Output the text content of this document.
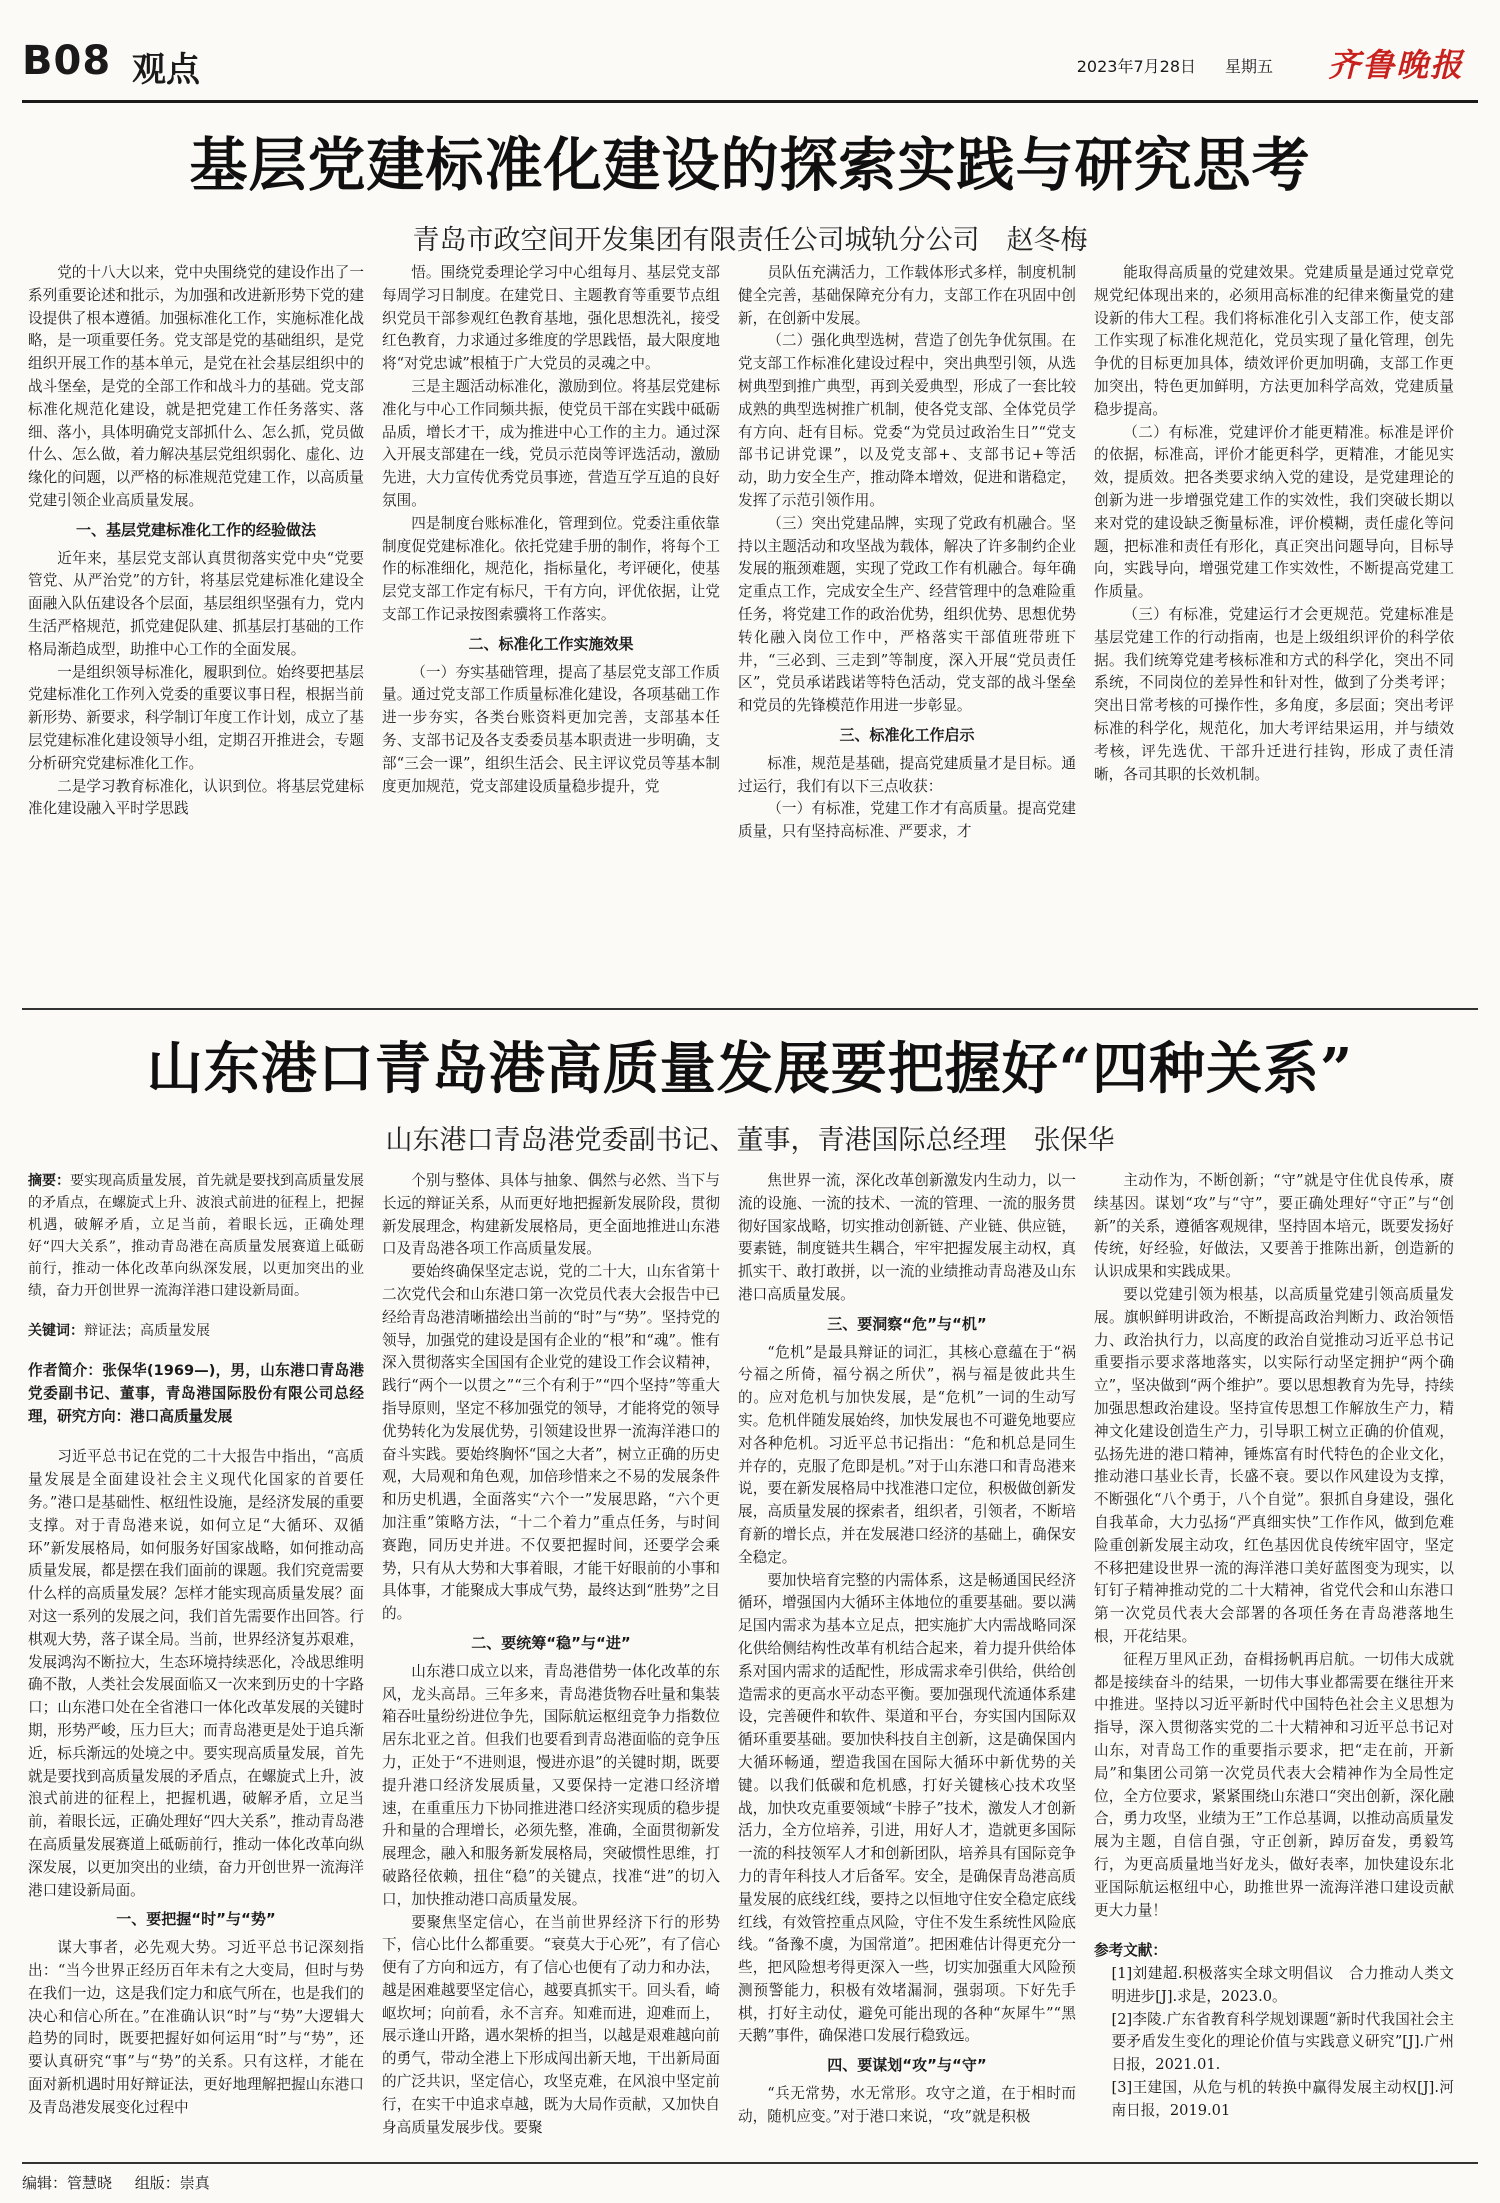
B08 观点	2023年7月28日 星期五 齐鲁晚报
基层党建标准化建设的探索实践与研究思考
青岛市政空间开发集团有限责任公司城轨分公司　赵冬梅

党的十八大以来，党中央围绕党的建设作出了一系列重要论述和批示，为加强和改进新形势下党的建设提供了根本遵循。加强标准化工作，实施标准化战略，是一项重要任务。党支部是党的基础组织，是党组织开展工作的基本单元，是党在社会基层组织中的战斗堡垒，是党的全部工作和战斗力的基础。党支部标准化规范化建设，就是把党建工作任务落实、落细、落小，具体明确党支部抓什么、怎么抓，党员做什么、怎么做，着力解决基层党组织弱化、虚化、边缘化的问题，以严格的标准规范党建工作，以高质量党建引领企业高质量发展。

一、基层党建标准化工作的经验做法

近年来，基层党支部认真贯彻落实党中央“党要管党、从严治党”的方针，将基层党建标准化建设全面融入队伍建设各个层面，基层组织坚强有力，党内生活严格规范，抓党建促队建、抓基层打基础的工作格局渐趋成型，助推中心工作的全面发展。

一是组织领导标准化，履职到位。始终要把基层党建标准化工作列入党委的重要议事日程，根据当前新形势、新要求，科学制订年度工作计划，成立了基层党建标准化建设领导小组，定期召开推进会，专题分析研究党建标准化工作。

二是学习教育标准化，认识到位。将基层党建标准化建设融入平时学思践

悟。围绕党委理论学习中心组每月、基层党支部每周学习日制度。在建党日、主题教育等重要节点组织党员干部参观红色教育基地，强化思想洗礼，接受红色教育，力求通过多维度的学思践悟，最大限度地将“对党忠诚”根植于广大党员的灵魂之中。

三是主题活动标准化，激励到位。将基层党建标准化与中心工作同频共振，使党员干部在实践中砥砺品质，增长才干，成为推进中心工作的主力。通过深入开展支部建在一线，党员示范岗等评选活动，激励先进，大力宣传优秀党员事迹，营造互学互追的良好氛围。

四是制度台账标准化，管理到位。党委注重依靠制度促党建标准化。依托党建手册的制作，将每个工作的标准细化，规范化，指标量化，考评硬化，使基层党支部工作定有标尺，干有方向，评优依据，让党支部工作记录按图索骥将工作落实。

二、标准化工作实施效果

（一）夯实基础管理，提高了基层党支部工作质量。通过党支部工作质量标准化建设，各项基础工作进一步夯实，各类台账资料更加完善，支部基本任务、支部书记及各支委委员基本职责进一步明确，支部“三会一课”，组织生活会、民主评议党员等基本制度更加规范，党支部建设质量稳步提升，党

员队伍充满活力，工作载体形式多样，制度机制健全完善，基础保障充分有力，支部工作在巩固中创新，在创新中发展。

（二）强化典型选树，营造了创先争优氛围。在党支部工作标准化建设过程中，突出典型引领，从选树典型到推广典型，再到关爱典型，形成了一套比较成熟的典型选树推广机制，使各党支部、全体党员学有方向、赶有目标。党委“为党员过政治生日”“党支部书记讲党课”，以及党支部+、支部书记+等活动，助力安全生产，推动降本增效，促进和谐稳定，发挥了示范引领作用。

（三）突出党建品牌，实现了党政有机融合。坚持以主题活动和攻坚战为载体，解决了许多制约企业发展的瓶颈难题，实现了党政工作有机融合。每年确定重点工作，完成安全生产、经营管理中的急难险重任务，将党建工作的政治优势，组织优势、思想优势转化融入岗位工作中，严格落实干部值班带班下井，“三必到、三走到”等制度，深入开展“党员责任区”，党员承诺践诺等特色活动，党支部的战斗堡垒和党员的先锋模范作用进一步彰显。

三、标准化工作启示

标准，规范是基础，提高党建质量才是目标。通过运行，我们有以下三点收获：

（一）有标准，党建工作才有高质量。提高党建质量，只有坚持高标准、严要求，才

能取得高质量的党建效果。党建质量是通过党章党规党纪体现出来的，必须用高标准的纪律来衡量党的建设新的伟大工程。我们将标准化引入支部工作，使支部工作实现了标准化规范化，党员实现了量化管理，创先争优的目标更加具体，绩效评价更加明确，支部工作更加突出，特色更加鲜明，方法更加科学高效，党建质量稳步提高。

（二）有标准，党建评价才能更精准。标准是评价的依据，标准高，评价才能更科学，更精准，才能见实效，提质效。把各类要求纳入党的建设，是党建理论的创新为进一步增强党建工作的实效性，我们突破长期以来对党的建设缺乏衡量标准，评价模糊，责任虚化等问题，把标准和责任有形化，真正突出问题导向，目标导向，实践导向，增强党建工作实效性，不断提高党建工作质量。

（三）有标准，党建运行才会更规范。党建标准是基层党建工作的行动指南，也是上级组织评价的科学依据。我们统筹党建考核标准和方式的科学化，突出不同系统，不同岗位的差异性和针对性，做到了分类考评；突出日常考核的可操作性，多角度，多层面；突出考评标准的科学化，规范化，加大考评结果运用，并与绩效考核，评先选优、干部升迁进行挂钩，形成了责任清晰，各司其职的长效机制。

山东港口青岛港高质量发展要把握好“四种关系”
山东港口青岛港党委副书记、董事，青港国际总经理　张保华

摘要：要实现高质量发展，首先就是要找到高质量发展的矛盾点，在螺旋式上升、波浪式前进的征程上，把握机遇，破解矛盾，立足当前，着眼长远，正确处理好“四大关系”，推动青岛港在高质量发展赛道上砥砺前行，推动一体化改革向纵深发展，以更加突出的业绩，奋力开创世界一流海洋港口建设新局面。

关键词：辩证法；高质量发展

作者简介：张保华(1969—)，男，山东港口青岛港党委副书记、董事，青岛港国际股份有限公司总经理，研究方向：港口高质量发展

习近平总书记在党的二十大报告中指出，“高质量发展是全面建设社会主义现代化国家的首要任务。”港口是基础性、枢纽性设施，是经济发展的重要支撑。对于青岛港来说，如何立足“大循环、双循环”新发展格局，如何服务好国家战略，如何推动高质量发展，都是摆在我们面前的课题。我们究竟需要什么样的高质量发展？怎样才能实现高质量发展？面对这一系列的发展之问，我们首先需要作出回答。行棋观大势，落子谋全局。当前，世界经济复苏艰难，发展鸿沟不断拉大，生态环境持续恶化，冷战思维明确不散，人类社会发展面临又一次来到历史的十字路口；山东港口处在全省港口一体化改革发展的关键时期，形势严峻，压力巨大；而青岛港更是处于追兵渐近，标兵渐远的处境之中。要实现高质量发展，首先就是要找到高质量发展的矛盾点，在螺旋式上升，波浪式前进的征程上，把握机遇，破解矛盾，立足当前，着眼长远，正确处理好“四大关系”，推动青岛港在高质量发展赛道上砥砺前行，推动一体化改革向纵深发展，以更加突出的业绩，奋力开创世界一流海洋港口建设新局面。

一、要把握“时”与“势”

谋大事者，必先观大势。习近平总书记深刻指出：“当今世界正经历百年未有之大变局，但时与势在我们一边，这是我们定力和底气所在，也是我们的决心和信心所在。”在准确认识“时”与“势”大逻辑大趋势的同时，既要把握好如何运用“时”与“势”，还要认真研究“事”与“势”的关系。只有这样，才能在面对新机遇时用好辩证法，更好地理解把握山东港口及青岛港发展变化过程中

个别与整体、具体与抽象、偶然与必然、当下与长远的辩证关系，从而更好地把握新发展阶段，贯彻新发展理念，构建新发展格局，更全面地推进山东港口及青岛港各项工作高质量发展。

要始终确保坚定志说，党的二十大，山东省第十二次党代会和山东港口第一次党员代表大会报告中已经给青岛港清晰描绘出当前的“时”与“势”。坚持党的领导，加强党的建设是国有企业的“根”和“魂”。惟有深入贯彻落实全国国有企业党的建设工作会议精神，践行“两个一以贯之”“三个有利于”“四个坚持”等重大指导原则，坚定不移加强党的领导，才能将党的领导优势转化为发展优势，引领建设世界一流海洋港口的奋斗实践。要始终胸怀“国之大者”，树立正确的历史观，大局观和角色观，加倍珍惜来之不易的发展条件和历史机遇，全面落实“六个一”发展思路，“六个更加注重”策略方法，“十二个着力”重点任务，与时间赛跑，同历史并进。不仅要把握时间，还要学会乘势，只有从大势和大事着眼，才能干好眼前的小事和具体事，才能聚成大事成气势，最终达到“胜势”之目的。

二、要统筹“稳”与“进”

山东港口成立以来，青岛港借势一体化改革的东风，龙头高昂。三年多来，青岛港货物吞吐量和集装箱吞吐量纷纷进位争先，国际航运枢纽竞争力指数位居东北亚之首。但我们也要看到青岛港面临的竞争压力，正处于“不进则退，慢进亦退”的关键时期，既要提升港口经济发展质量，又要保持一定港口经济增速，在重重压力下协同推进港口经济实现质的稳步提升和量的合理增长，必须先整，准确，全面贯彻新发展理念，融入和服务新发展格局，突破惯性思维，打破路径依赖，扭住“稳”的关键点，找准“进”的切入口，加快推动港口高质量发展。

要聚焦坚定信心，在当前世界经济下行的形势下，信心比什么都重要。“衰莫大于心死”，有了信心便有了方向和远方，有了信心也便有了动力和办法，越是困难越要坚定信心，越要真抓实干。回头看，崎岖坎坷；向前看，永不言弃。知难而进，迎难而上，展示逢山开路，遇水架桥的担当，以越是艰难越向前的勇气，带动全港上下形成闯出新天地，干出新局面的广泛共识，坚定信心，攻坚克难，在风浪中坚定前行，在实干中追求卓越，既为大局作贡献，又加快自身高质量发展步伐。要聚

焦世界一流，深化改革创新激发内生动力，以一流的设施、一流的技术、一流的管理、一流的服务贯彻好国家战略，切实推动创新链、产业链、供应链，要素链，制度链共生耦合，牢牢把握发展主动权，真抓实干、敢打敢拼，以一流的业绩推动青岛港及山东港口高质量发展。

三、要洞察“危”与“机”

“危机”是最具辩证的词汇，其核心意蕴在于“祸兮福之所倚，福兮祸之所伏”，祸与福是彼此共生的。应对危机与加快发展，是“危机”一词的生动写实。危机伴随发展始终，加快发展也不可避免地要应对各种危机。习近平总书记指出：“危和机总是同生并存的，克服了危即是机。”对于山东港口和青岛港来说，要在新发展格局中找准港口定位，积极做创新发展，高质量发展的探索者，组织者，引领者，不断培育新的增长点，并在发展港口经济的基础上，确保安全稳定。

要加快培育完整的内需体系，这是畅通国民经济循环，增强国内大循环主体地位的重要基础。要以满足国内需求为基本立足点，把实施扩大内需战略同深化供给侧结构性改革有机结合起来，着力提升供给体系对国内需求的适配性，形成需求牵引供给，供给创造需求的更高水平动态平衡。要加强现代流通体系建设，完善硬件和软件、渠道和平台，夯实国内国际双循环重要基础。要加快科技自主创新，这是确保国内大循环畅通，塑造我国在国际大循环中新优势的关键。以我们低碳和危机感，打好关键核心技术攻坚战，加快攻克重要领域“卡脖子”技术，激发人才创新活力，全方位培养，引进，用好人才，造就更多国际一流的科技领军人才和创新团队，培养具有国际竞争力的青年科技人才后备军。安全，是确保青岛港高质量发展的底线红线，要持之以恒地守住安全稳定底线红线，有效管控重点风险，守住不发生系统性风险底线。“备豫不虞，为国常道”。把困难估计得更充分一些，把风险想考得更深入一些，切实加强重大风险预测预警能力，积极有效堵漏洞，强弱项。下好先手棋，打好主动仗，避免可能出现的各种“灰犀牛”“黑天鹅”事件，确保港口发展行稳致远。

四、要谋划“攻”与“守”

“兵无常势，水无常形。攻守之道，在于相时而动，随机应变。”对于港口来说，“攻”就是积极

主动作为，不断创新；“守”就是守住优良传承，赓续基因。谋划“攻”与“守”，要正确处理好“守正”与“创新”的关系，遵循客观规律，坚持固本培元，既要发扬好传统，好经验，好做法，又要善于推陈出新，创造新的认识成果和实践成果。

要以党建引领为根基，以高质量党建引领高质量发展。旗帜鲜明讲政治，不断提高政治判断力、政治领悟力、政治执行力，以高度的政治自觉推动习近平总书记重要指示要求落地落实，以实际行动坚定拥护“两个确立”，坚决做到“两个维护”。要以思想教育为先导，持续加强思想政治建设。坚持宣传思想工作解放生产力，精神文化建设创造生产力，引导职工树立正确的价值观，弘扬先进的港口精神，锤炼富有时代特色的企业文化，推动港口基业长青，长盛不衰。要以作风建设为支撑，不断强化“八个勇于，八个自觉”。狠抓自身建设，强化自我革命，大力弘扬“严真细实快”工作作风，做到危难险重创新发展主动攻，红色基因优良传统牢固守，坚定不移把建设世界一流的海洋港口美好蓝图变为现实，以钉钉子精神推动党的二十大精神，省党代会和山东港口第一次党员代表大会部署的各项任务在青岛港落地生根，开花结果。

征程万里风正劲，奋楫扬帆再启航。一切伟大成就都是接续奋斗的结果，一切伟大事业都需要在继往开来中推进。坚持以习近平新时代中国特色社会主义思想为指导，深入贯彻落实党的二十大精神和习近平总书记对山东，对青岛工作的重要指示要求，把“走在前，开新局”和集团公司第一次党员代表大会精神作为全局性定位，全方位要求，紧紧围绕山东港口“突出创新，深化融合，勇力攻坚，业绩为王”工作总基调，以推动高质量发展为主题，自信自强，守正创新，踔厉奋发，勇毅笃行，为更高质量地当好龙头，做好表率，加快建设东北亚国际航运枢纽中心，助推世界一流海洋港口建设贡献更大力量！

参考文献：

[1]刘建超.积极落实全球文明倡议　合力推动人类文明进步[J].求是，2023.0。

[2]李陵.广东省教育科学规划课题“新时代我国社会主要矛盾发生变化的理论价值与实践意义研究”[J].广州日报，2021.01.

[3]王建国，从危与机的转换中赢得发展主动权[J].河南日报，2019.01

编辑：管慧晓 组版：崇真
